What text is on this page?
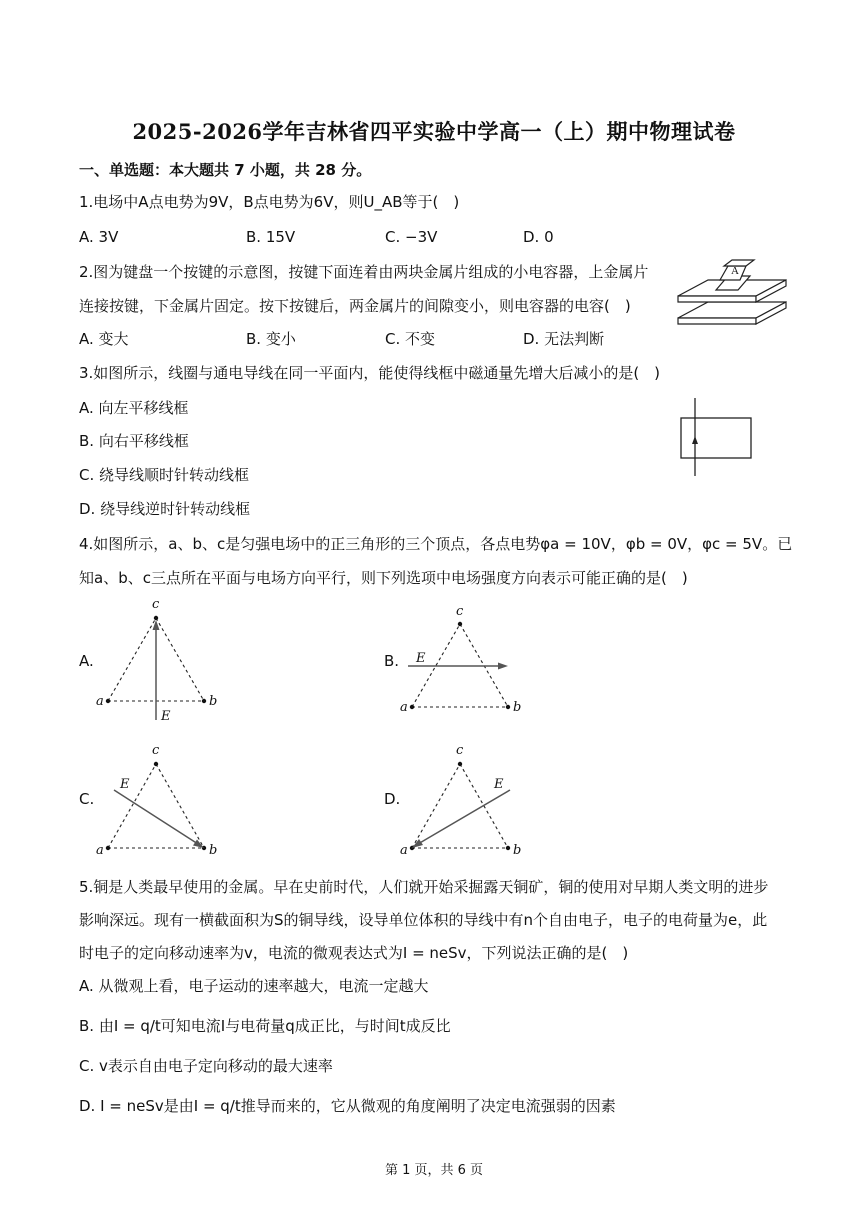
2025-2026学年吉林省四平实验中学高一（上）期中物理试卷
一、单选题：本大题共 7 小题，共 28 分。
1.电场中A点电势为9V，B点电势为6V，则U_AB等于(　)
A. 3V	B. 15V	C. −3V	D. 0
2.图为键盘一个按键的示意图，按键下面连着由两块金属片组成的小电容器，上金属片
连接按键，下金属片固定。按下按键后，两金属片的间隙变小，则电容器的电容(　)
A. 变大	B. 变小	C. 不变	D. 无法判断
A
3.如图所示，线圈与通电导线在同一平面内，能使得线框中磁通量先增大后减小的是(　)
A. 向左平移线框
B. 向右平移线框
C. 绕导线顺时针转动线框
D. 绕导线逆时针转动线框
4.如图所示，a、b、c是匀强电场中的正三角形的三个顶点，各点电势φa = 10V，φb = 0V，φc = 5V。已
知a、b、c三点所在平面与电场方向平行，则下列选项中电场强度方向表示可能正确的是(　)
A.	B.
C.	D.
a	b
c
E
a	b
c
E
a	b
c
E
a	b
c
E
5.铜是人类最早使用的金属。早在史前时代，人们就开始采掘露天铜矿，铜的使用对早期人类文明的进步
影响深远。现有一横截面积为S的铜导线，设导单位体积的导线中有n个自由电子，电子的电荷量为e，此
时电子的定向移动速率为v，电流的微观表达式为I = neSv，下列说法正确的是(　)
A. 从微观上看，电子运动的速率越大，电流一定越大
B. 由I = q/t可知电流I与电荷量q成正比，与时间t成反比
C. v表示自由电子定向移动的最大速率
D. I = neSv是由I = q/t推导而来的，它从微观的角度阐明了决定电流强弱的因素
第 1 页，共 6 页
